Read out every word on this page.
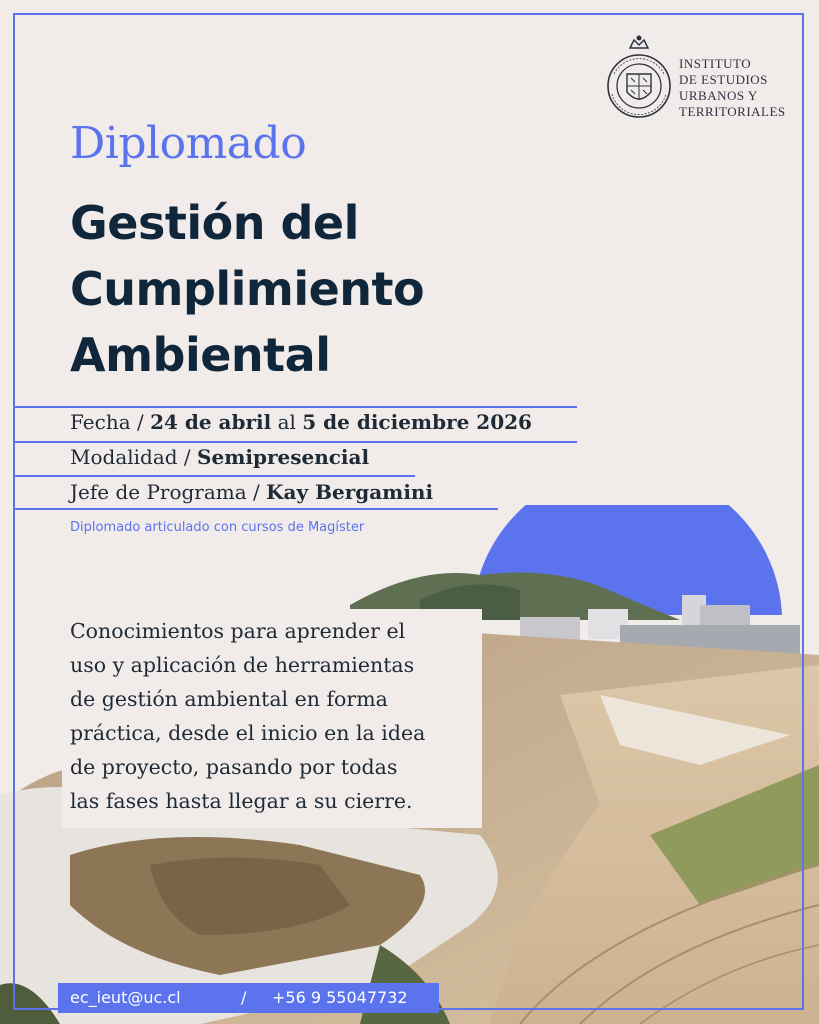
INSTITUTO
DE ESTUDIOS
URBANOS Y
TERRITORIALES
Diplomado
Gestión del
Cumplimiento
Ambiental
Fecha / 24 de abril al 5 de diciembre 2026
Modalidad / Semipresencial
Jefe de Programa / Kay Bergamini
Diplomado articulado con cursos de Magíster
Conocimientos para aprender el
uso y aplicación de herramientas
de gestión ambiental en forma
práctica, desde el inicio en la idea
de proyecto, pasando por todas
las fases hasta llegar a su cierre.
ec_ieut@uc.cl	/ +56 9 55047732
